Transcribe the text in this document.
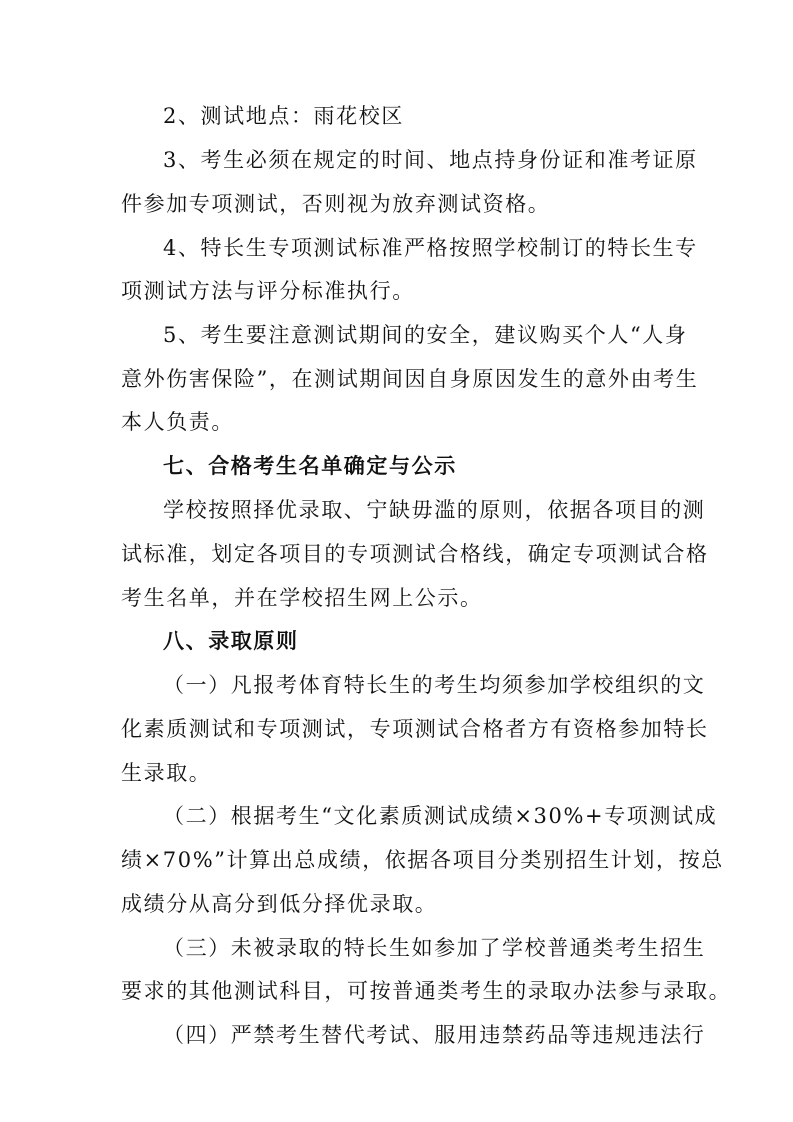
2、测试地点：雨花校区
3、考生必须在规定的时间、地点持身份证和准考证原
件参加专项测试，否则视为放弃测试资格。
4、特长生专项测试标准严格按照学校制订的特长生专
项测试方法与评分标准执行。
5、考生要注意测试期间的安全，建议购买个人“人身
意外伤害保险”，在测试期间因自身原因发生的意外由考生
本人负责。
七、合格考生名单确定与公示
学校按照择优录取、宁缺毋滥的原则，依据各项目的测
试标准，划定各项目的专项测试合格线，确定专项测试合格
考生名单，并在学校招生网上公示。
八、录取原则
（一）凡报考体育特长生的考生均须参加学校组织的文
化素质测试和专项测试，专项测试合格者方有资格参加特长
生录取。
（二）根据考生“文化素质测试成绩×30%+专项测试成
绩×70%”计算出总成绩，依据各项目分类别招生计划，按总
成绩分从高分到低分择优录取。
（三）未被录取的特长生如参加了学校普通类考生招生
要求的其他测试科目，可按普通类考生的录取办法参与录取。
（四）严禁考生替代考试、服用违禁药品等违规违法行
